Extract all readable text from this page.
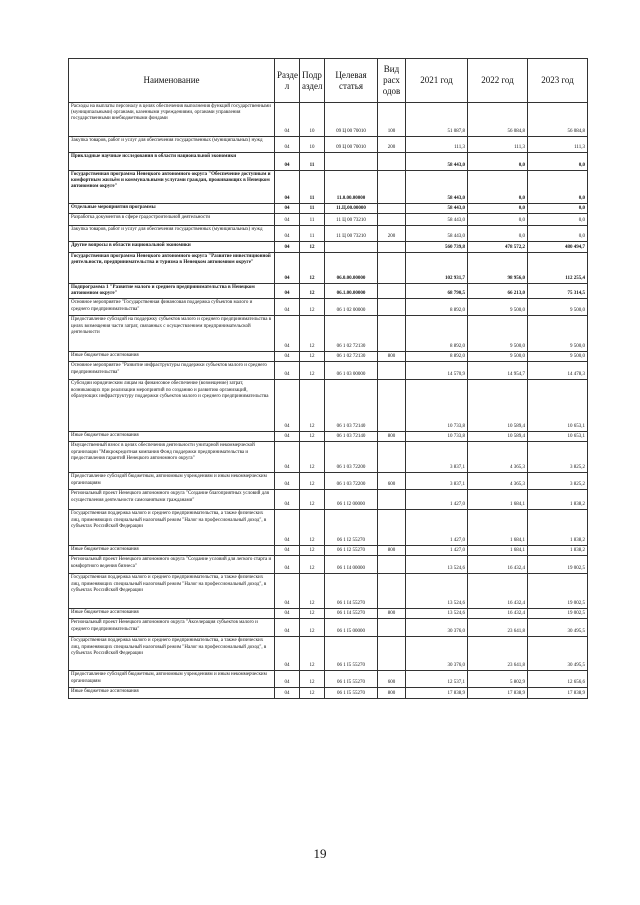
Наименование	Разде л	Подр аздел	Целевая статья	Вид расх одов	2021 год	2022 год	2023 год
Расходы на выплаты персоналу в целях обеспечения выполнения функций государственными (муниципальными) органами, казенными учреждениями, органами управления государственными внебюджетными фондами	04	10	09 Ц 00 70010	100	51 087,8	56 084,8	56 084,8
Закупка товаров, работ и услуг для обеспечения государственных (муниципальных) нужд	04	10	09 Ц 00 70010	200	111,3	111,3	111,3
Прикладные научные исследования в области национальной экономики	04	11			58 443,0	0,0	0,0
Государственная программа Ненецкого автономного округа "Обеспечение доступным и комфортным жильём и коммунальными услугами граждан, проживающих в Ненецком автономном округе"	04	11	11.0.00.00000		58 443,0	0,0	0,0
Отдельные мероприятия программы	04	11	11.Ц.00.00000		58 443,0	0,0	0,0
Разработка документов в сфере градостроительной деятельности	04	11	11 Ц 00 73210		58 443,0	0,0	0,0
Закупка товаров, работ и услуг для обеспечения государственных (муниципальных) нужд	04	11	11 Ц 00 73210	200	58 443,0	0,0	0,0
Другие вопросы в области национальной экономики	04	12			560 739,8	478 572,2	480 494,7
Государственная программа Ненецкого автономного округа "Развитие инвестиционной деятельности, предпринимательства и туризма в Ненецком автономном округе"	04	12	06.0.00.00000		102 931,7	98 956,0	112 255,4
Подпрограмма 1 "Развитие малого и среднего предпринимательства в Ненецком автономном округе"	04	12	06.1.00.00000		68 790,5	66 213,0	75 314,5
Основное мероприятие "Государственная финансовая поддержка субъектов малого и среднего предпринимательства"	04	12	06 1 02 00000		8 892,0	9 500,0	9 500,0
Предоставление субсидий на поддержку субъектов малого и среднего предпринимательства в целях возмещения части затрат, связанных с осуществлением предпринимательской деятельности	04	12	06 1 02 72130		8 892,0	9 500,0	9 500,0
Иные бюджетные ассигнования	04	12	06 1 02 72130	800	8 892,0	9 500,0	9 500,0
Основное мероприятие "Развитие инфраструктуры поддержки субъектов малого и среднего предпринимательства"	04	12	06 1 03 00000		14 570,9	14 954,7	14 478,3
Субсидии юридическим лицам на финансовое обеспечение (возмещение) затрат, возникающих при реализации мероприятий по созданию и развитию организаций, образующих инфраструктуру поддержки субъектов малого и среднего предпринимательства	04	12	06 1 03 72140		10 733,8	10 589,4	10 653,1
Иные бюджетные ассигнования	04	12	06 1 03 72140	800	10 733,8	10 589,4	10 653,1
Имущественный взнос в целях обеспечения деятельности унитарной некоммерческой организации "Микрокредитная компания Фонд поддержки предпринимательства и предоставления гарантий Ненецкого автономного округа"	04	12	06 1 03 72200		3 837,1	4 365,3	3 825,2
Предоставление субсидий бюджетным, автономным учреждениям и иным некоммерческим организациям	04	12	06 1 03 72200	600	3 837,1	4 365,3	3 825,2
Региональный проект Ненецкого автономного округа "Создание благоприятных условий для осуществления деятельности самозанятыми гражданами"	04	12	06 1 I2 00000		1 427,0	1 684,1	1 838,2
Государственная поддержка малого и среднего предпринимательства, а также физических лиц, применяющих специальный налоговый режим "Налог на профессиональный доход", в субъектах Российской Федерации	04	12	06 1 I2 55270		1 427,0	1 684,1	1 838,2
Иные бюджетные ассигнования	04	12	06 1 I2 55270	800	1 427,0	1 684,1	1 838,2
Региональный проект Ненецкого автономного округа "Создание условий для легкого старта и комфортного ведения бизнеса"	04	12	06 1 I4 00000		13 524,6	16 432,4	19 002,5
Государственная поддержка малого и среднего предпринимательства, а также физических лиц, применяющих специальный налоговый режим "Налог на профессиональный доход", в субъектах Российской Федерации	04	12	06 1 I4 55270		13 524,6	16 432,4	19 002,5
Иные бюджетные ассигнования	04	12	06 1 I4 55270	800	13 524,6	16 432,4	19 002,5
Региональный проект Ненецкого автономного округа "Акселерация субъектов малого и среднего предпринимательства"	04	12	06 1 I5 00000		30 376,0	23 641,8	30 495,5
Государственная поддержка малого и среднего предпринимательства, а также физических лиц, применяющих специальный налоговый режим "Налог на профессиональный доход", в субъектах Российской Федерации	04	12	06 1 I5 55270		30 376,0	23 641,8	30 495,5
Предоставление субсидий бюджетным, автономным учреждениям и иным некоммерческим организациям	04	12	06 1 I5 55270	600	12 537,1	5 802,9	12 656,6
Иные бюджетные ассигнования	04	12	06 1 I5 55270	800	17 838,9	17 838,9	17 838,9
19
